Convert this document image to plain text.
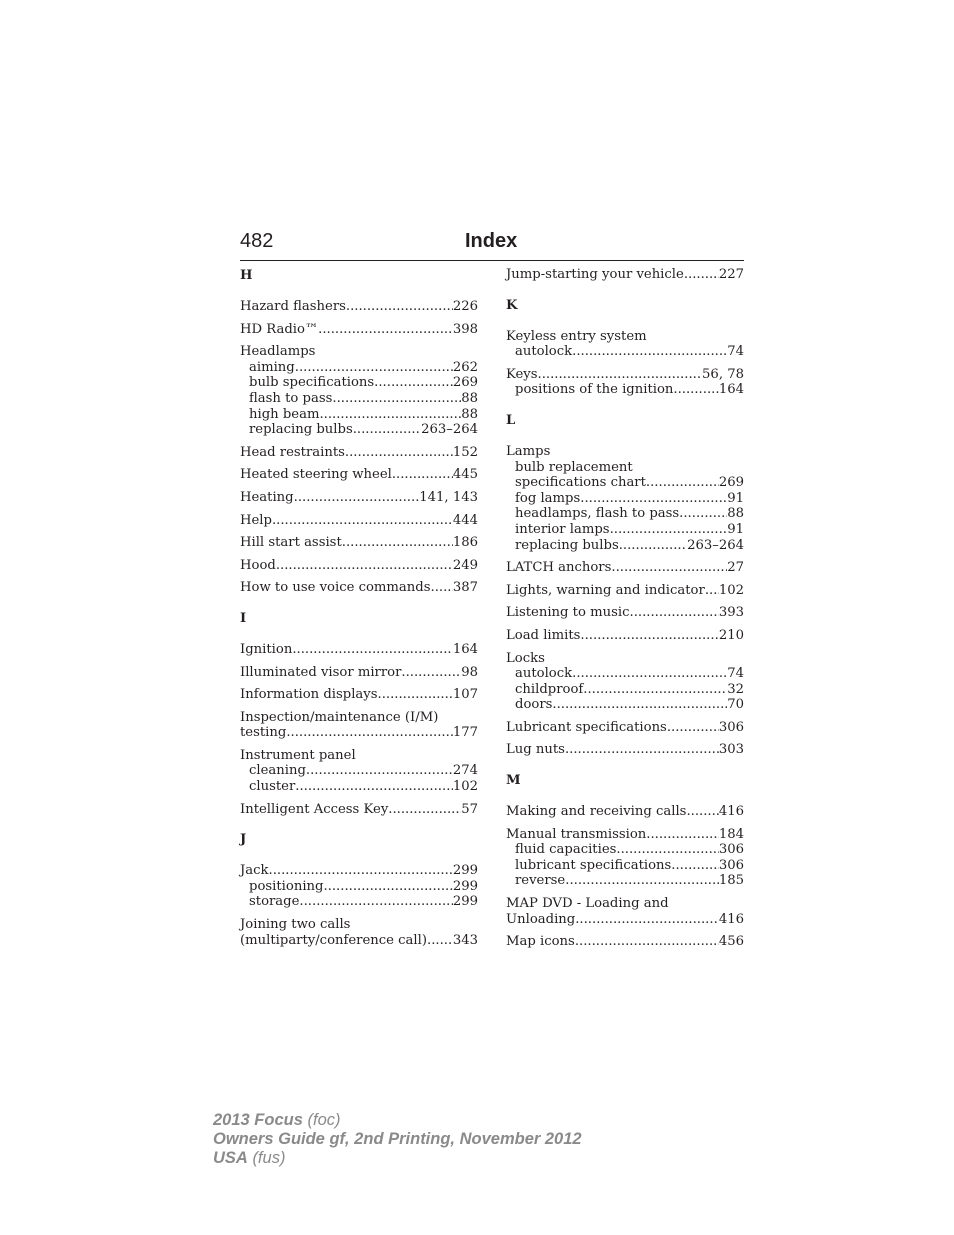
482	Index
H
Hazard flashers .....	226
HD Radio™ .....	398
Headlamps
aiming .....	262
bulb specifications .....	269
flash to pass .....	88
high beam .....	88
replacing bulbs .....	263–264
Head restraints .....	152
Heated steering wheel .....	445
Heating .....	141, 143
Help .....	444
Hill start assist .....	186
Hood .....	249
How to use voice commands ..... 387
I
Ignition .....	164
Illuminated visor mirror .....	98
Information displays .....	107
Inspection/maintenance (I/M)
testing .....	177
Instrument panel
cleaning .....	274
cluster .....	102
Intelligent Access Key .....	57
J
Jack .....	299
positioning .....	299
storage .....	299
Joining two calls
(multiparty/conference call) ..... 343
Jump-starting your vehicle .....	227
K
Keyless entry system
autolock .....	74
Keys .....	56, 78
positions of the ignition .....	164
L
Lamps
bulb replacement
specifications chart .....	269
fog lamps .....	91
headlamps, flash to pass .....	88
interior lamps .....	91
replacing bulbs .....	263–264
LATCH anchors .....	27
Lights, warning and indicator ..... 102
Listening to music .....	393
Load limits .....	210
Locks
autolock .....	74
childproof .....	32
doors .....	70
Lubricant specifications .....	306
Lug nuts .....	303
M
Making and receiving calls ..... 416
Manual transmission .....	184
fluid capacities .....	306
lubricant specifications .....	306
reverse .....	185
MAP DVD - Loading and
Unloading .....	416
Map icons .....	456
2013 Focus (foc)
Owners Guide gf, 2nd Printing, November 2012
USA (fus)
